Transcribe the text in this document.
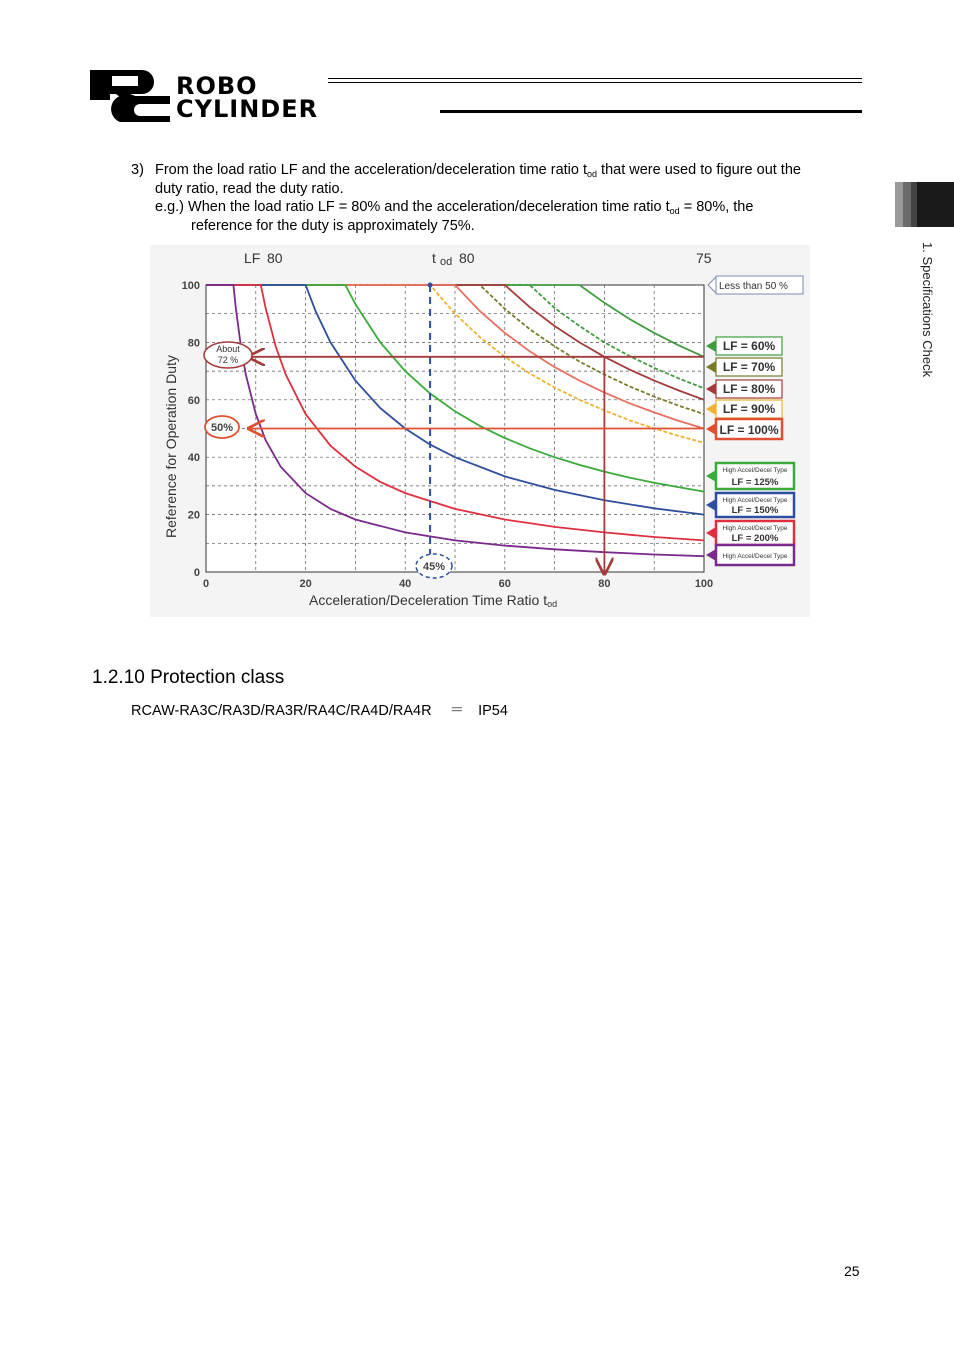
ROBO
CYLINDER
1. Specifications Check
3) From the load ratio LF and the acceleration/deceleration time ratio $t_{od}$ that were used to figure out the
duty ratio, read the duty ratio.
e.g.) When the load ratio LF = 80% and the acceleration/deceleration time ratio $t_{od} = 80\%$, the
reference for the duty is approximately 75%.
0	20	40	60	80	100
0
20
40
60
80
100
LF 80	t od 80	75
Reference for Operation Duty
Acceleration/Deceleration Time Ratio tod
About
72 %
50%
45%
Less than 50 %
LF = 60%
LF = 70%
LF = 80%
LF = 90%
LF = 100%
High Accel/Decel Type
LF = 125%
High Accel/Decel Type
LF = 150%
High Accel/Decel Type
LF = 200%
High Accel/Decel Type
1.2.10 Protection class
RCAW-RA3C/RA3D/RA3R/RA4C/RA4D/RA4R ＝ IP54
25
